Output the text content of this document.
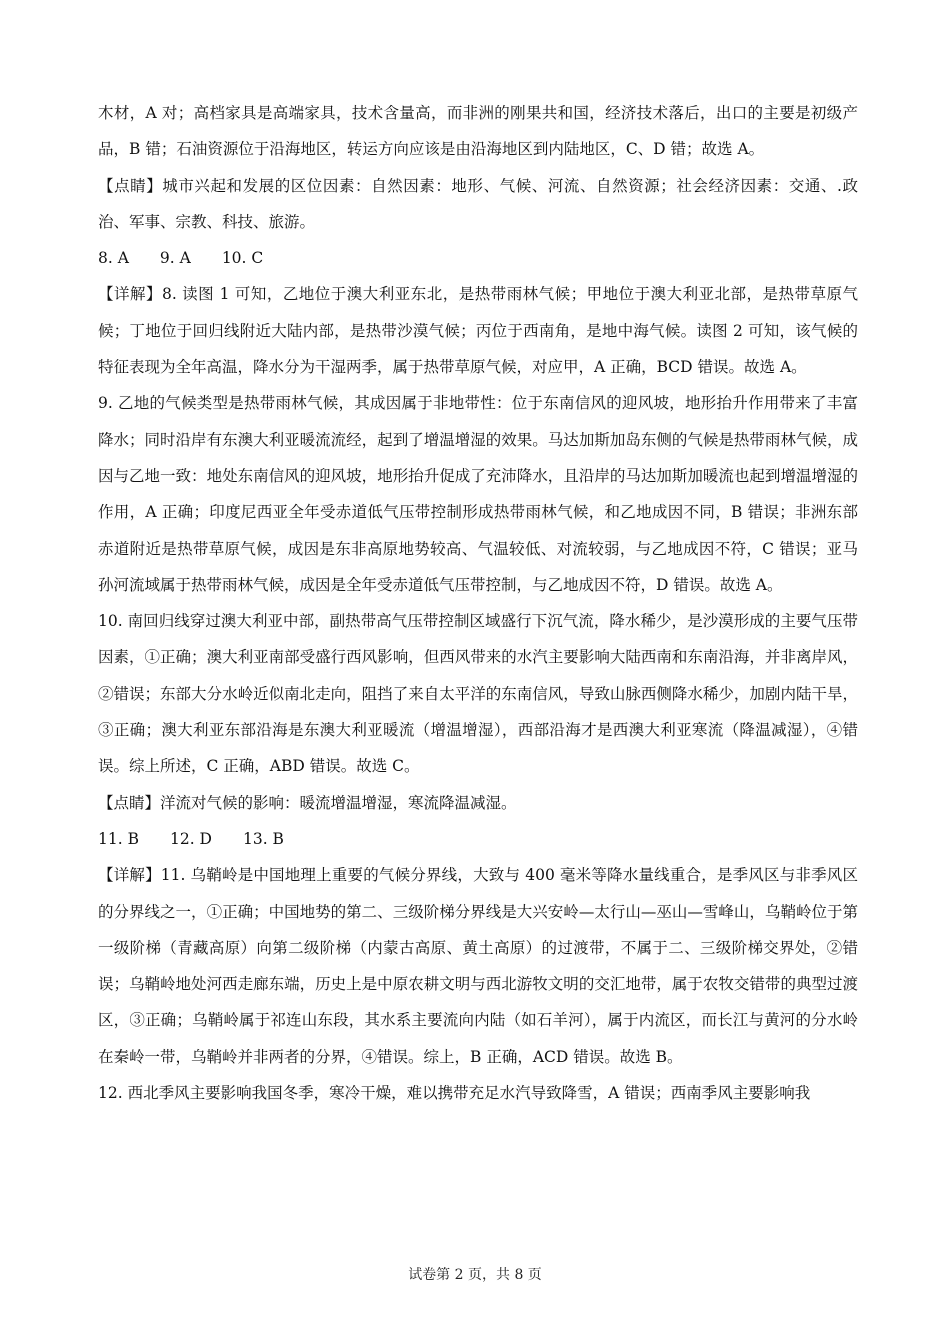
木材，A 对；高档家具是高端家具，技术含量高，而非洲的刚果共和国，经济技术落后，出口的主要是初级产品，B 错；石油资源位于沿海地区，转运方向应该是由沿海地区到内陆地区，C、D 错；故选 A。

【点睛】城市兴起和发展的区位因素：自然因素：地形、气候、河流、自然资源；社会经济因素：交通、.政治、军事、宗教、科技、旅游。

8. A　　9. A　　10. C

【详解】8. 读图 1 可知，乙地位于澳大利亚东北，是热带雨林气候；甲地位于澳大利亚北部，是热带草原气候；丁地位于回归线附近大陆内部，是热带沙漠气候；丙位于西南角，是地中海气候。读图 2 可知，该气候的特征表现为全年高温，降水分为干湿两季，属于热带草原气候，对应甲，A 正确，BCD 错误。故选 A。

9. 乙地的气候类型是热带雨林气候，其成因属于非地带性：位于东南信风的迎风坡，地形抬升作用带来了丰富降水；同时沿岸有东澳大利亚暖流流经，起到了增温增湿的效果。马达加斯加岛东侧的气候是热带雨林气候，成因与乙地一致：地处东南信风的迎风坡，地形抬升促成了充沛降水，且沿岸的马达加斯加暖流也起到增温增湿的作用，A 正确；印度尼西亚全年受赤道低气压带控制形成热带雨林气候，和乙地成因不同，B 错误；非洲东部赤道附近是热带草原气候，成因是东非高原地势较高、气温较低、对流较弱，与乙地成因不符，C 错误；亚马孙河流域属于热带雨林气候，成因是全年受赤道低气压带控制，与乙地成因不符，D 错误。故选 A。

10. 南回归线穿过澳大利亚中部，副热带高气压带控制区域盛行下沉气流，降水稀少，是沙漠形成的主要气压带因素，①正确；澳大利亚南部受盛行西风影响，但西风带来的水汽主要影响大陆西南和东南沿海，并非离岸风，②错误；东部大分水岭近似南北走向，阻挡了来自太平洋的东南信风，导致山脉西侧降水稀少，加剧内陆干旱，③正确；澳大利亚东部沿海是东澳大利亚暖流（增温增湿），西部沿海才是西澳大利亚寒流（降温减湿），④错误。综上所述，C 正确，ABD 错误。故选 C。

【点睛】洋流对气候的影响：暖流增温增湿，寒流降温减湿。

11. B　　12. D　　13. B

【详解】11. 乌鞘岭是中国地理上重要的气候分界线，大致与 400 毫米等降水量线重合，是季风区与非季风区的分界线之一，①正确；中国地势的第二、三级阶梯分界线是大兴安岭—太行山—巫山—雪峰山，乌鞘岭位于第一级阶梯（青藏高原）向第二级阶梯（内蒙古高原、黄土高原）的过渡带，不属于二、三级阶梯交界处，②错误；乌鞘岭地处河西走廊东端，历史上是中原农耕文明与西北游牧文明的交汇地带，属于农牧交错带的典型过渡区，③正确；乌鞘岭属于祁连山东段，其水系主要流向内陆（如石羊河），属于内流区，而长江与黄河的分水岭在秦岭一带，乌鞘岭并非两者的分界，④错误。综上，B 正确，ACD 错误。故选 B。

12. 西北季风主要影响我国冬季，寒冷干燥，难以携带充足水汽导致降雪，A 错误；西南季风主要影响我

试卷第 2 页，共 8 页
